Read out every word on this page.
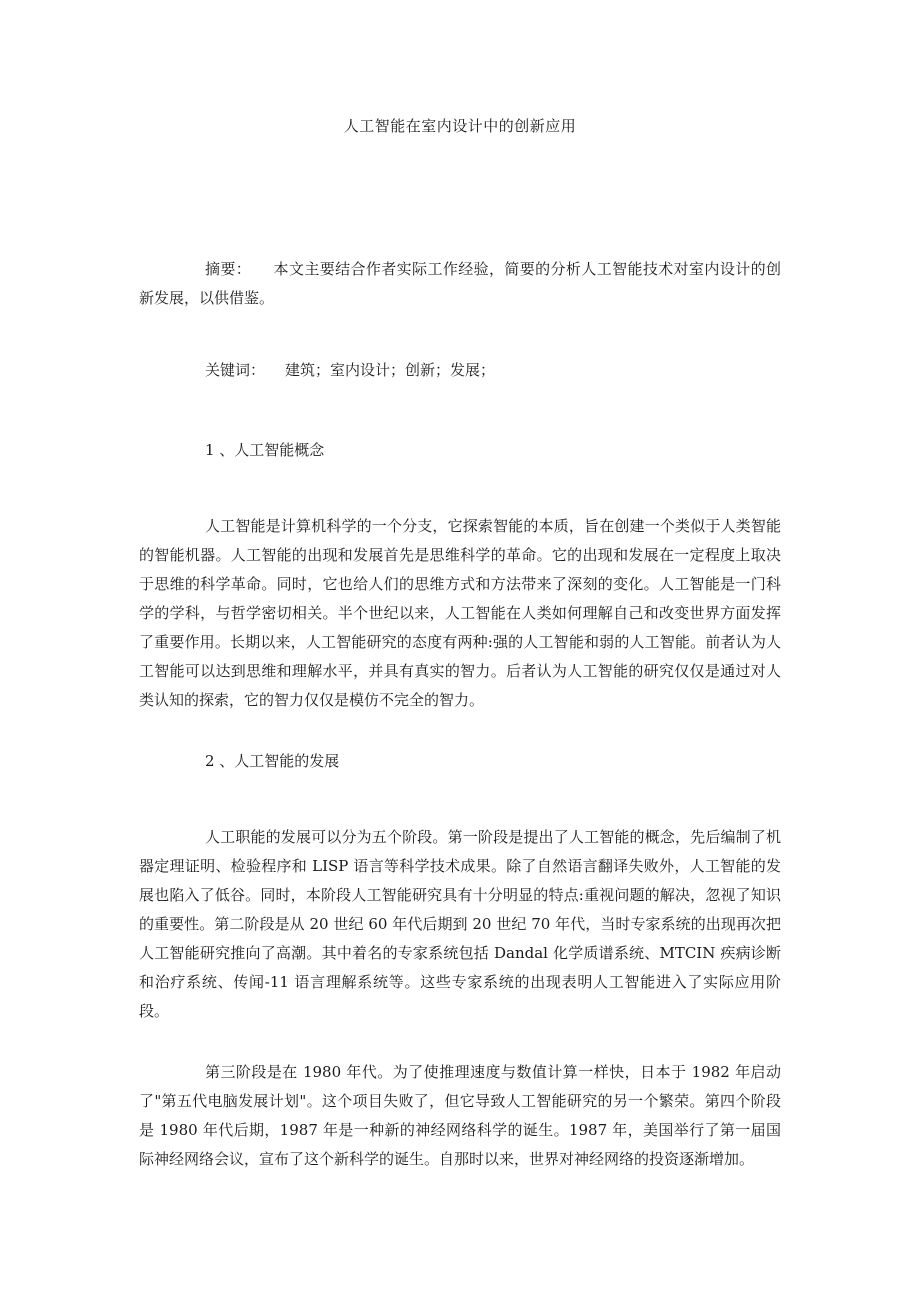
人工智能在室内设计中的创新应用

摘要： 本文主要结合作者实际工作经验，简要的分析人工智能技术对室内设计的创新发展，以供借鉴。

关键词： 建筑；室内设计；创新；发展；

1 、人工智能概念

人工智能是计算机科学的一个分支，它探索智能的本质，旨在创建一个类似于人类智能的智能机器。人工智能的出现和发展首先是思维科学的革命。它的出现和发展在一定程度上取决于思维的科学革命。同时，它也给人们的思维方式和方法带来了深刻的变化。人工智能是一门科学的学科，与哲学密切相关。半个世纪以来，人工智能在人类如何理解自己和改变世界方面发挥了重要作用。长期以来，人工智能研究的态度有两种:强的人工智能和弱的人工智能。前者认为人工智能可以达到思维和理解水平，并具有真实的智力。后者认为人工智能的研究仅仅是通过对人类认知的探索，它的智力仅仅是模仿不完全的智力。

2 、人工智能的发展

人工职能的发展可以分为五个阶段。第一阶段是提出了人工智能的概念，先后编制了机器定理证明、检验程序和 LISP 语言等科学技术成果。除了自然语言翻译失败外，人工智能的发展也陷入了低谷。同时，本阶段人工智能研究具有十分明显的特点:重视问题的解决，忽视了知识的重要性。第二阶段是从 20 世纪 60 年代后期到 20 世纪 70 年代，当时专家系统的出现再次把人工智能研究推向了高潮。其中着名的专家系统包括 Dandal 化学质谱系统、MTCIN 疾病诊断和治疗系统、传闻-11 语言理解系统等。这些专家系统的出现表明人工智能进入了实际应用阶段。

第三阶段是在 1980 年代。为了使推理速度与数值计算一样快，日本于 1982 年启动了"第五代电脑发展计划"。这个项目失败了，但它导致人工智能研究的另一个繁荣。第四个阶段是 1980 年代后期，1987 年是一种新的神经网络科学的诞生。1987 年，美国举行了第一届国际神经网络会议，宣布了这个新科学的诞生。自那时以来，世界对神经网络的投资逐渐增加。
